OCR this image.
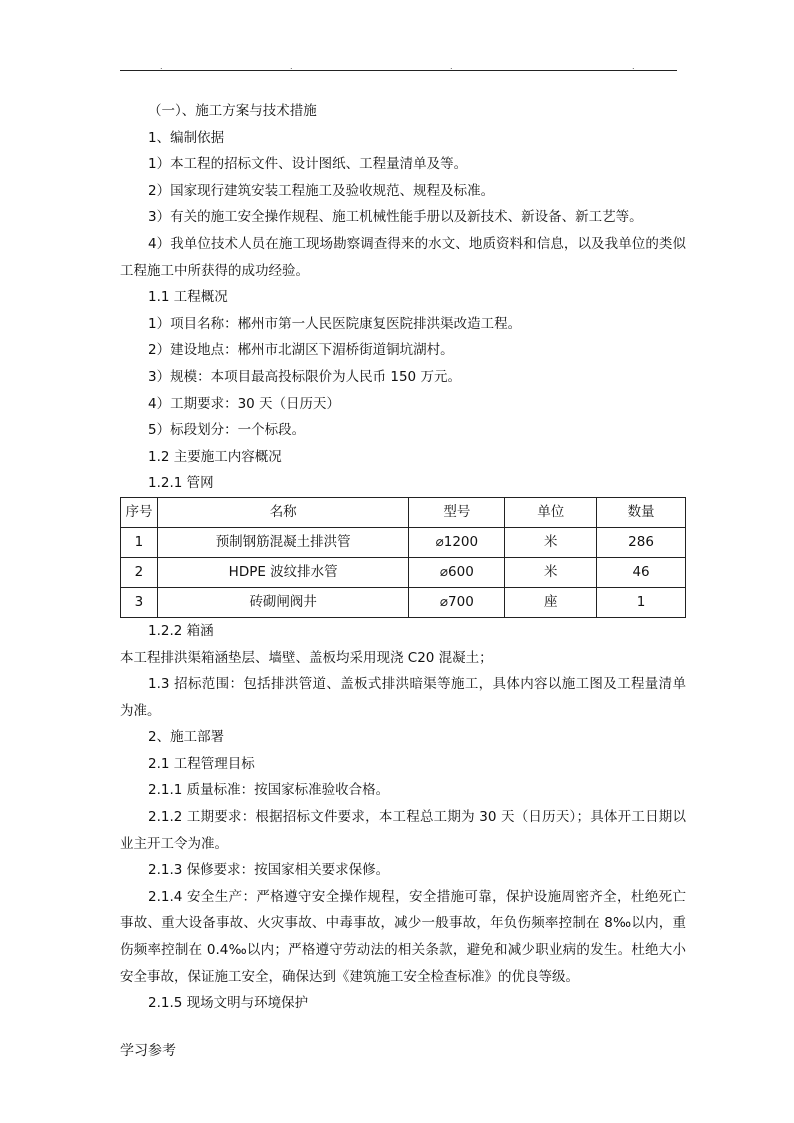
.	.	.	.

（一）、施工方案与技术措施

1、编制依据

1）本工程的招标文件、设计图纸、工程量清单及等。

2）国家现行建筑安装工程施工及验收规范、规程及标准。

3）有关的施工安全操作规程、施工机械性能手册以及新技术、新设备、新工艺等。

4）我单位技术人员在施工现场勘察调查得来的水文、地质资料和信息，以及我单位的类似工程施工中所获得的成功经验。

1.1 工程概况

1）项目名称：郴州市第一人民医院康复医院排洪渠改造工程。

2）建设地点：郴州市北湖区下湄桥街道铜坑湖村。

3）规模：本项目最高投标限价为人民币 150 万元。

4）工期要求：30 天（日历天）

5）标段划分：一个标段。

1.2 主要施工内容概况

1.2.1 管网

序号	名称	型号	单位	数量
1	预制钢筋混凝土排洪管	⌀1200	米	286
2	HDPE 波纹排水管	⌀600	米	46
3	砖砌闸阀井	⌀700	座	1

1.2.2 箱涵

本工程排洪渠箱涵垫层、墙壁、盖板均采用现浇 C20 混凝土；

1.3 招标范围：包括排洪管道、盖板式排洪暗渠等施工，具体内容以施工图及工程量清单为准。

2、施工部署

2.1 工程管理目标

2.1.1 质量标准：按国家标准验收合格。

2.1.2 工期要求：根据招标文件要求，本工程总工期为 30 天（日历天）；具体开工日期以业主开工令为准。

2.1.3 保修要求：按国家相关要求保修。

2.1.4 安全生产：严格遵守安全操作规程，安全措施可靠，保护设施周密齐全，杜绝死亡事故、重大设备事故、火灾事故、中毒事故，减少一般事故，年负伤频率控制在 8‰以内，重伤频率控制在 0.4‰以内；严格遵守劳动法的相关条款，避免和减少职业病的发生。杜绝大小安全事故，保证施工安全，确保达到《建筑施工安全检查标准》的优良等级。

2.1.5 现场文明与环境保护

学习参考
